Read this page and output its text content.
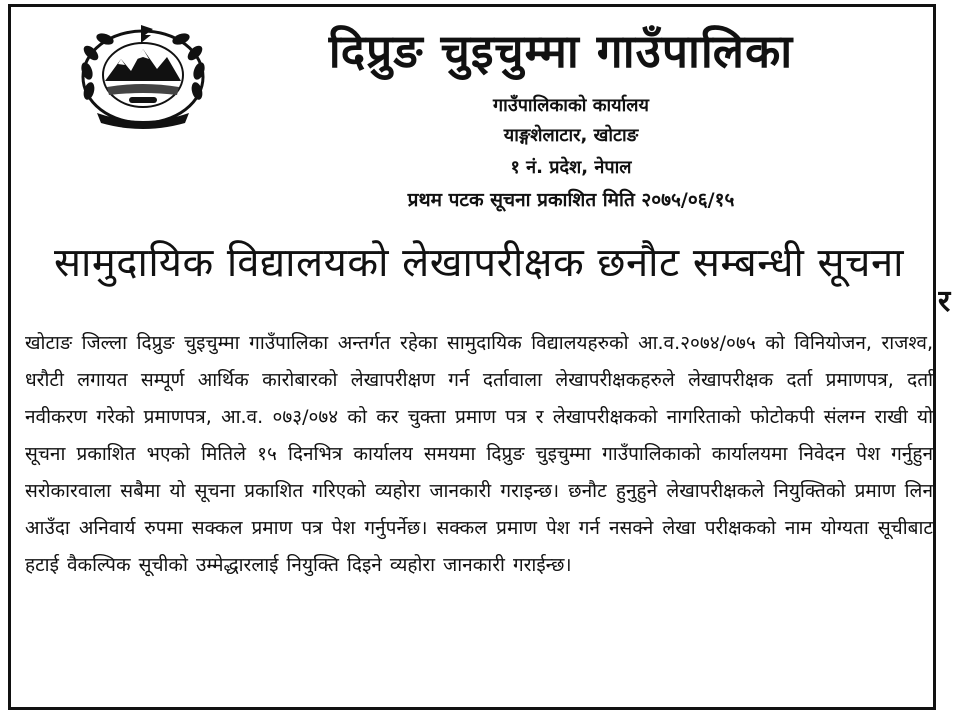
दिप्रुङ चुइचुम्मा गाउँपालिका
गाउँपालिकाको कार्यालय
याङ्गशेलाटार, खोटाङ
१ नं. प्रदेश, नेपाल
प्रथम पटक सूचना प्रकाशित मिति २०७५/०६/१५
सामुदायिक विद्यालयको लेखापरीक्षक छनौट सम्बन्धी सूचना
खोटाङ जिल्ला दिप्रुङ चुइचुम्मा गाउँपालिका अन्तर्गत रहेका सामुदायिक विद्यालयहरुको आ.व.२०७४/०७५ को विनियोजन, राजश्व, धरौटी लगायत सम्पूर्ण आर्थिक कारोबारको लेखापरीक्षण गर्न दर्तावाला लेखापरीक्षकहरुले लेखापरीक्षक दर्ता प्रमाणपत्र, दर्ता नवीकरण गरेको प्रमाणपत्र, आ.व. ०७३/०७४ को कर चुक्ता प्रमाण पत्र र लेखापरीक्षकको नागरिताको फोटोकपी संलग्न राखी यो सूचना प्रकाशित भएको मितिले १५ दिनभित्र कार्यालय समयमा दिप्रुङ चुइचुम्मा गाउँपालिकाको कार्यालयमा निवेदन पेश गर्नुहुन सरोकारवाला सबैमा यो सूचना प्रकाशित गरिएको व्यहोरा जानकारी गराइन्छ। छनौट हुनुहुने लेखापरीक्षकले नियुक्तिको प्रमाण लिन आउँदा अनिवार्य रुपमा सक्कल प्रमाण पत्र पेश गर्नुपर्नेछ। सक्कल प्रमाण पेश गर्न नसक्ने लेखा परीक्षकको नाम योग्यता सूचीबाट हटाई वैकल्पिक सूचीको उम्मेद्धारलाई नियुक्ति दिइने व्यहोरा जानकारी गराईन्छ।
र
